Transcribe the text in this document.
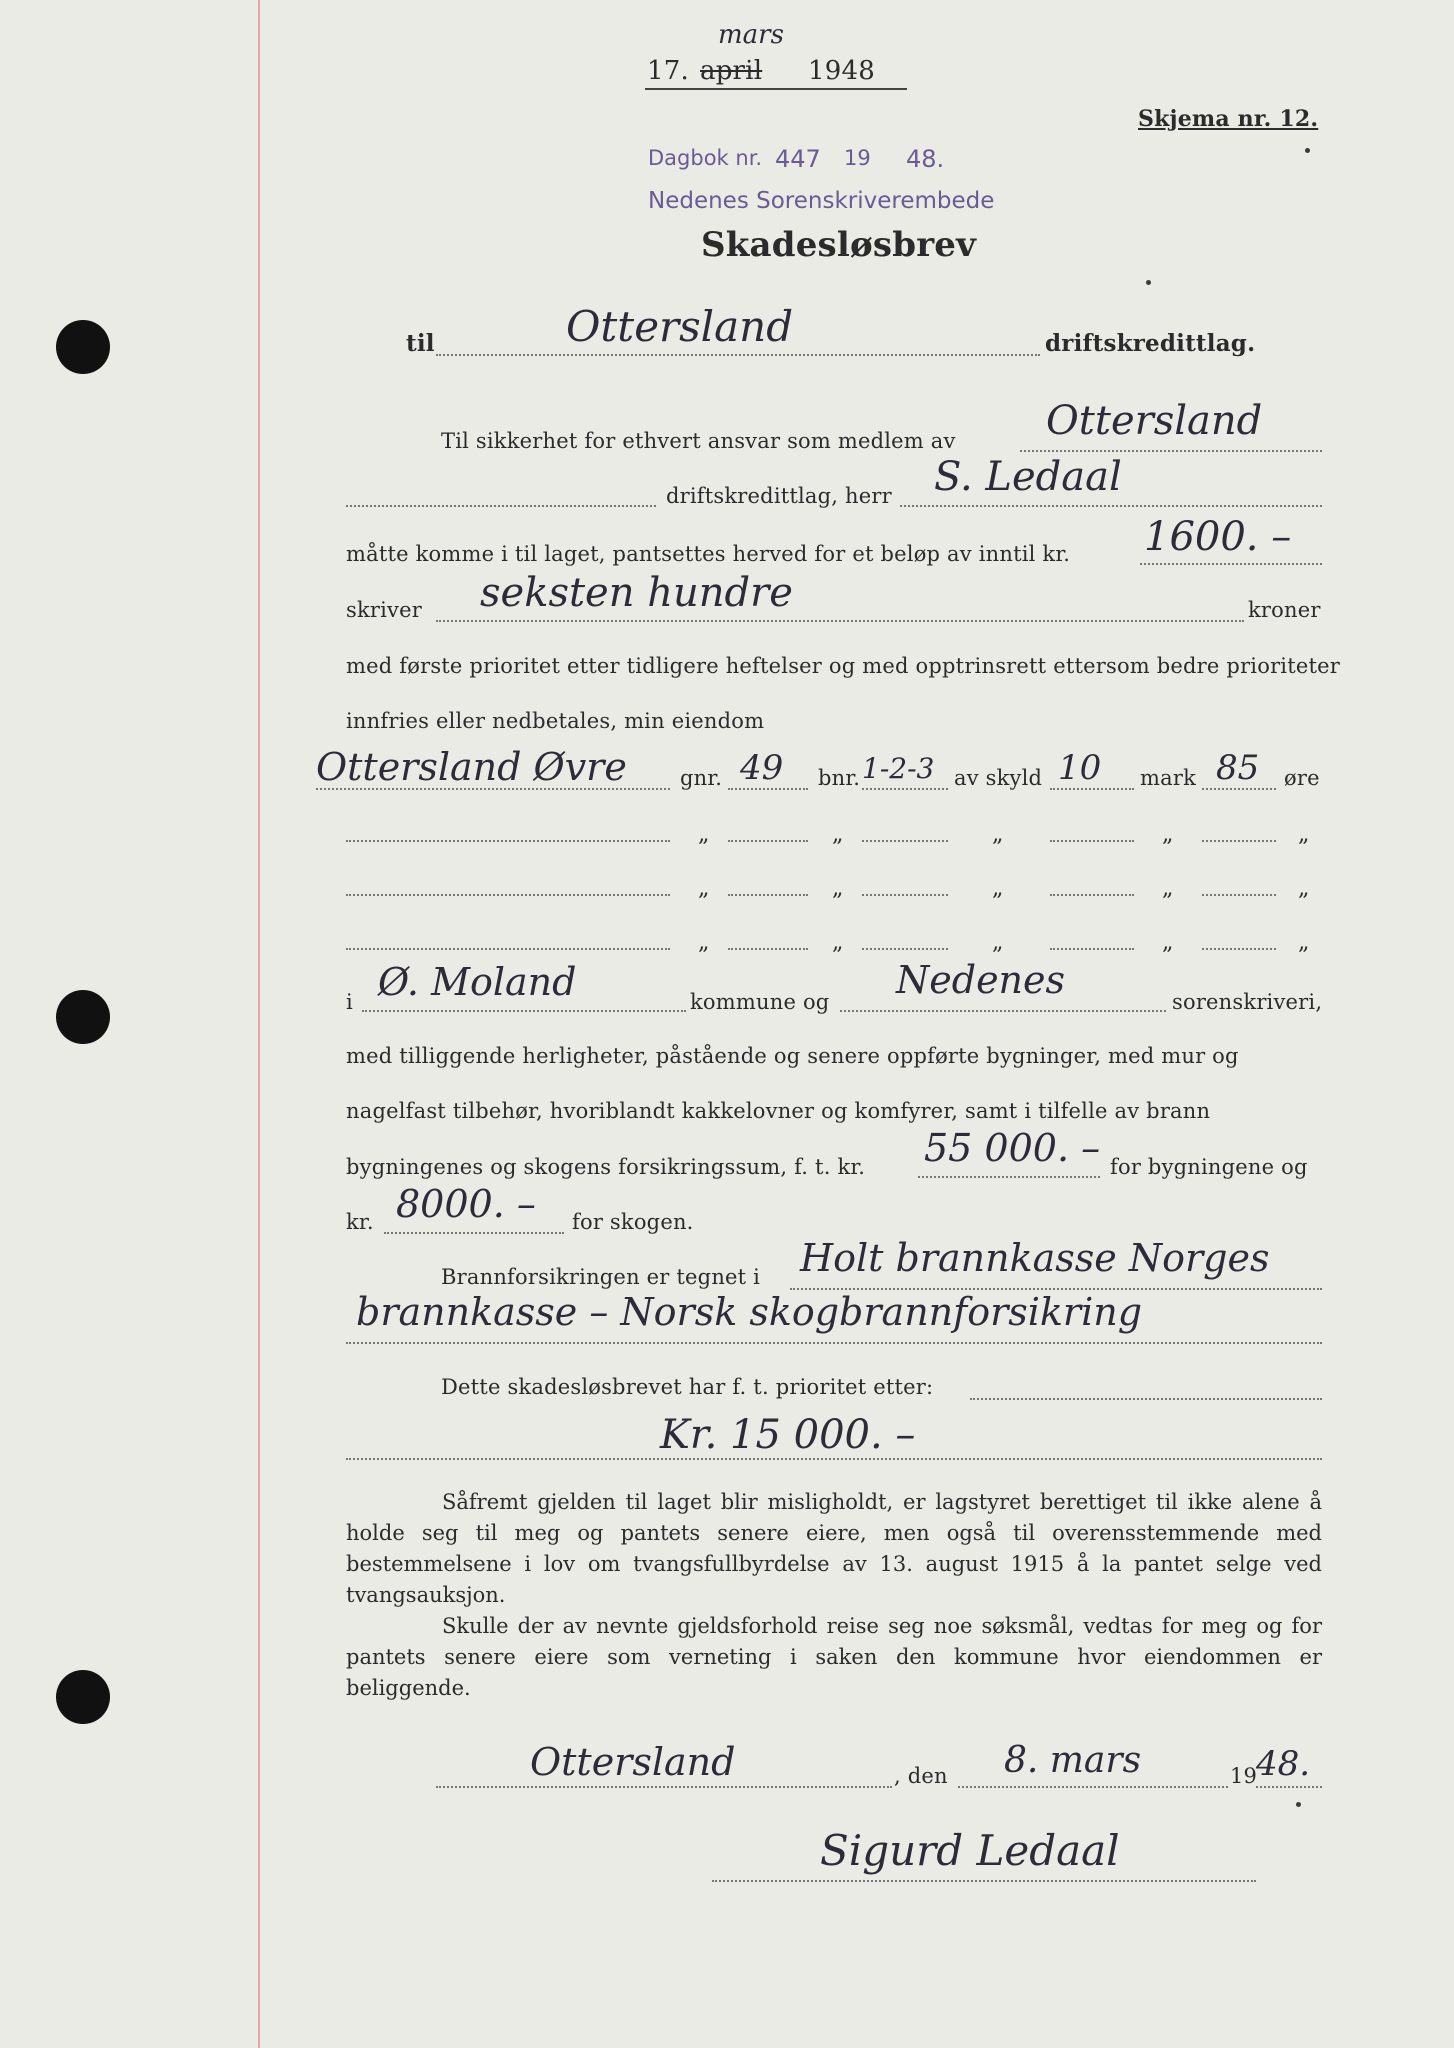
17. april 1948
mars
Skjema nr. 12.
Dagbok nr. 447 19 48.
Nedenes Sorenskriverembede
Skadesløsbrev
til	Ottersland	driftskredittlag.
Til sikkerhet for ethvert ansvar som medlem av Ottersland
driftskredittlag, herr S. Ledaal
måtte komme i til laget, pantsettes herved for et beløp av inntil kr. 1600. –
skriver seksten hundre	kroner
med første prioritet etter tidligere heftelser og med opptrinsrett ettersom bedre prioriteter
innfries eller nedbetales, min eiendom
Ottersland Øvre	gnr. 49 bnr. 1-2-3 av skyld 10 mark 85 øre
„	„	„	„	„
„	„	„	„	„
„	„	„	„	„
i Ø. Moland	kommune og Nedenes	sorenskriveri,
med tilliggende herligheter, påstående og senere oppførte bygninger, med mur og
nagelfast tilbehør, hvoriblandt kakkelovner og komfyrer, samt i tilfelle av brann
bygningenes og skogens forsikringssum, f. t. kr. 55 000. – for bygningene og
kr. 8000. – for skogen.
Brannforsikringen er tegnet i Holt brannkasse Norges
brannkasse – Norsk skogbrannforsikring
Dette skadesløsbrevet har f. t. prioritet etter:
Kr. 15 000. –

Såfremt gjelden til laget blir misligholdt, er lagstyret berettiget til ikke alene å holde seg til meg og pantets senere eiere, men også til overensstemmende med bestemmelsene i lov om tvangsfullbyrdelse av 13. august 1915 å la pantet selge ved tvangsauksjon.

Skulle der av nevnte gjeldsforhold reise seg noe søksmål, vedtas for meg og for pantets senere eiere som verneting i saken den kommune hvor eiendommen er beliggende.

Ottersland	, den 8. mars	19
48.
Sigurd Ledaal
